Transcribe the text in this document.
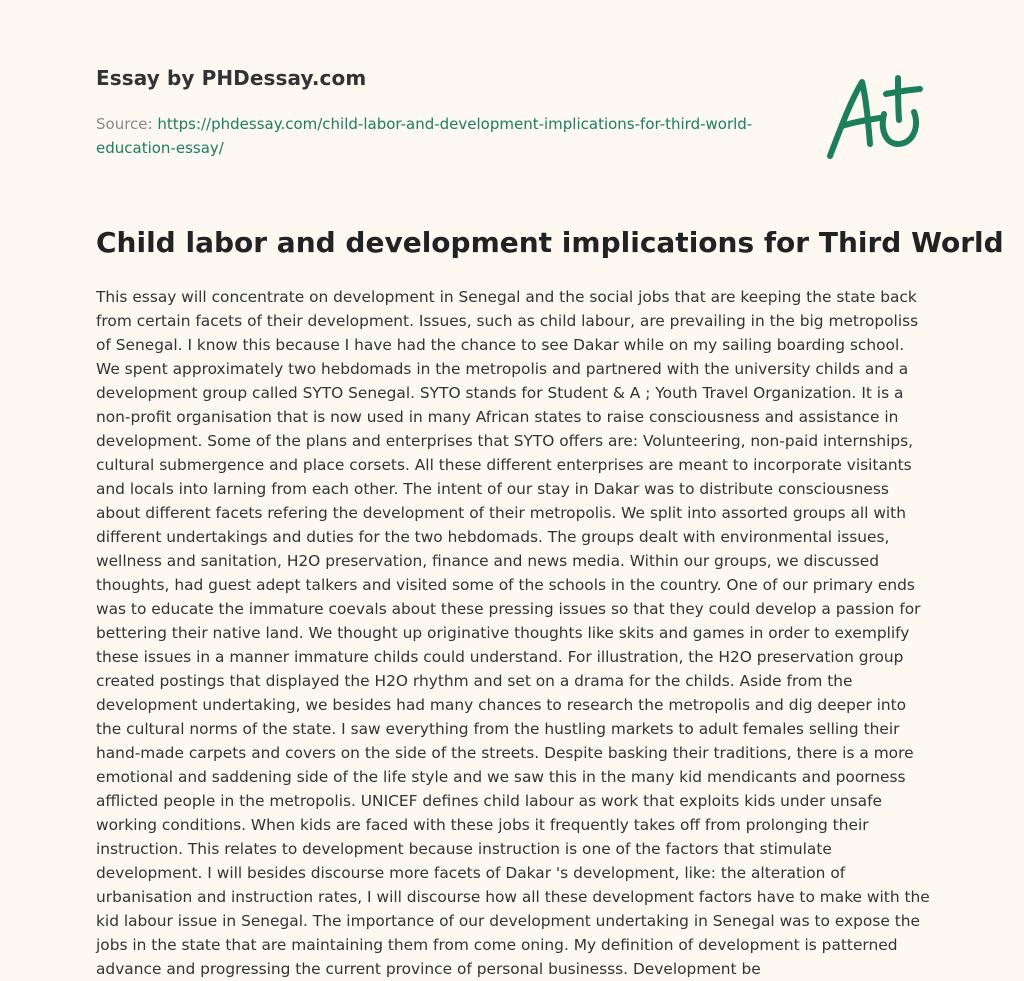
Essay by PHDessay.com

Source: https://phdessay.com/child-labor-and-development-implications-for-third-world-education-essay/

Child labor and development implications for Third World

This essay will concentrate on development in Senegal and the social jobs that are keeping the state back from certain facets of their development. Issues, such as child labour, are prevailing in the big metropoliss of Senegal. I know this because I have had the chance to see Dakar while on my sailing boarding school. We spent approximately two hebdomads in the metropolis and partnered with the university childs and a development group called SYTO Senegal. SYTO stands for Student & A ; Youth Travel Organization. It is a non-profit organisation that is now used in many African states to raise consciousness and assistance in development. Some of the plans and enterprises that SYTO offers are: Volunteering, non-paid internships, cultural submergence and place corsets. All these different enterprises are meant to incorporate visitants and locals into larning from each other. The intent of our stay in Dakar was to distribute consciousness about different facets refering the development of their metropolis. We split into assorted groups all with different undertakings and duties for the two hebdomads. The groups dealt with environmental issues, wellness and sanitation, H2O preservation, finance and news media. Within our groups, we discussed thoughts, had guest adept talkers and visited some of the schools in the country. One of our primary ends was to educate the immature coevals about these pressing issues so that they could develop a passion for bettering their native land. We thought up originative thoughts like skits and games in order to exemplify these issues in a manner immature childs could understand. For illustration, the H2O preservation group created postings that displayed the H2O rhythm and set on a drama for the childs. Aside from the development undertaking, we besides had many chances to research the metropolis and dig deeper into the cultural norms of the state. I saw everything from the hustling markets to adult females selling their hand-made carpets and covers on the side of the streets. Despite basking their traditions, there is a more emotional and saddening side of the life style and we saw this in the many kid mendicants and poorness afflicted people in the metropolis. UNICEF defines child labour as work that exploits kids under unsafe working conditions. When kids are faced with these jobs it frequently takes off from prolonging their instruction. This relates to development because instruction is one of the factors that stimulate development. I will besides discourse more facets of Dakar 's development, like: the alteration of urbanisation and instruction rates, I will discourse how all these development factors have to make with the kid labour issue in Senegal. The importance of our development undertaking in Senegal was to expose the jobs in the state that are maintaining them from come oning. My definition of development is patterned advance and progressing the current province of personal businesss. Development be
